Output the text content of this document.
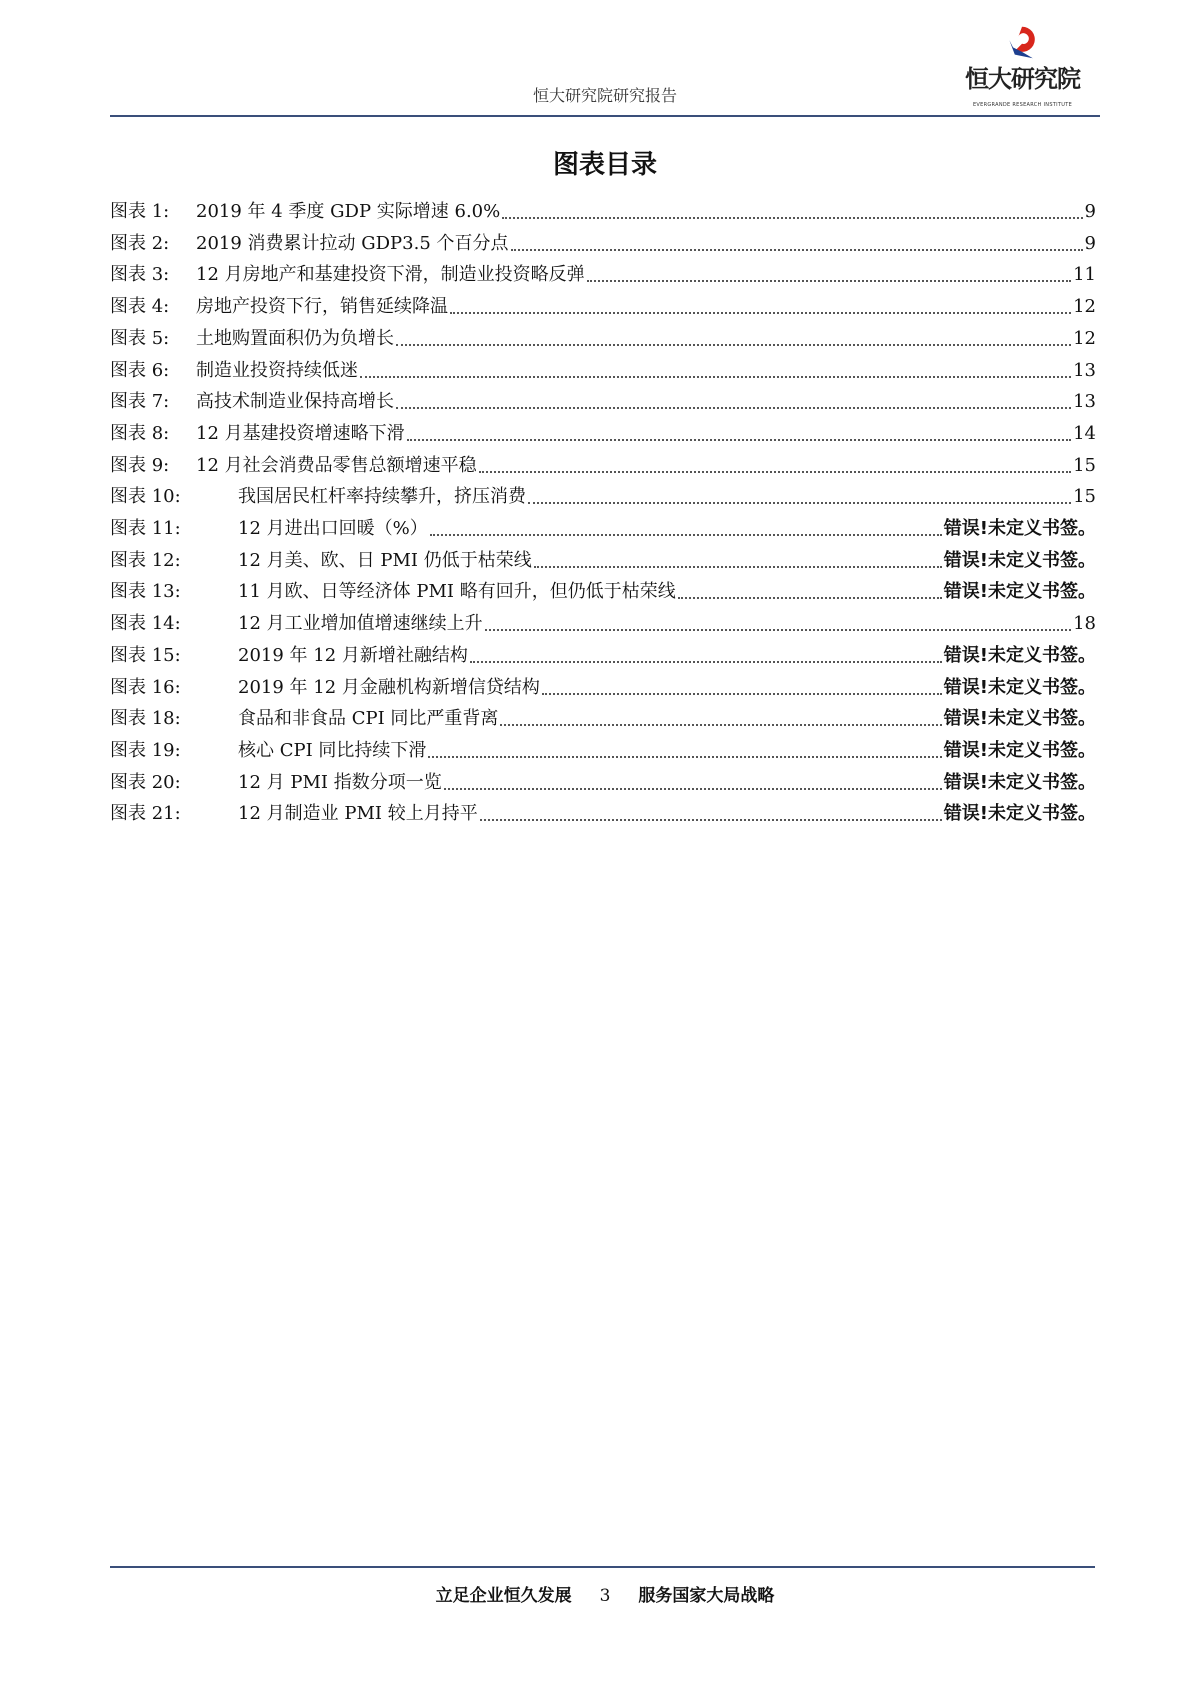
恒大研究院研究报告
恒大研究院
EVERGRANDE RESEARCH INSTITUTE
图表目录
图表 1:	2019 年 4 季度 GDP 实际增速 6.0%	9
图表 2:	2019 消费累计拉动 GDP3.5 个百分点	9
图表 3:	12 月房地产和基建投资下滑，制造业投资略反弹	11
图表 4:	房地产投资下行，销售延续降温	12
图表 5:	土地购置面积仍为负增长	12
图表 6:	制造业投资持续低迷	13
图表 7:	高技术制造业保持高增长	13
图表 8:	12 月基建投资增速略下滑	14
图表 9:	12 月社会消费品零售总额增速平稳	15
图表 10:	我国居民杠杆率持续攀升，挤压消费	15
图表 11:	12 月进出口回暖（%）	错误!未定义书签。
图表 12:	12 月美、欧、日 PMI 仍低于枯荣线	错误!未定义书签。
图表 13:	11 月欧、日等经济体 PMI 略有回升，但仍低于枯荣线	错误!未定义书签。
图表 14:	12 月工业增加值增速继续上升	18
图表 15:	2019 年 12 月新增社融结构	错误!未定义书签。
图表 16:	2019 年 12 月金融机构新增信贷结构	错误!未定义书签。
图表 18:	食品和非食品 CPI 同比严重背离	错误!未定义书签。
图表 19:	核心 CPI 同比持续下滑	错误!未定义书签。
图表 20:	12 月 PMI 指数分项一览	错误!未定义书签。
图表 21:	12 月制造业 PMI 较上月持平	错误!未定义书签。
立足企业恒久发展 3 服务国家大局战略
